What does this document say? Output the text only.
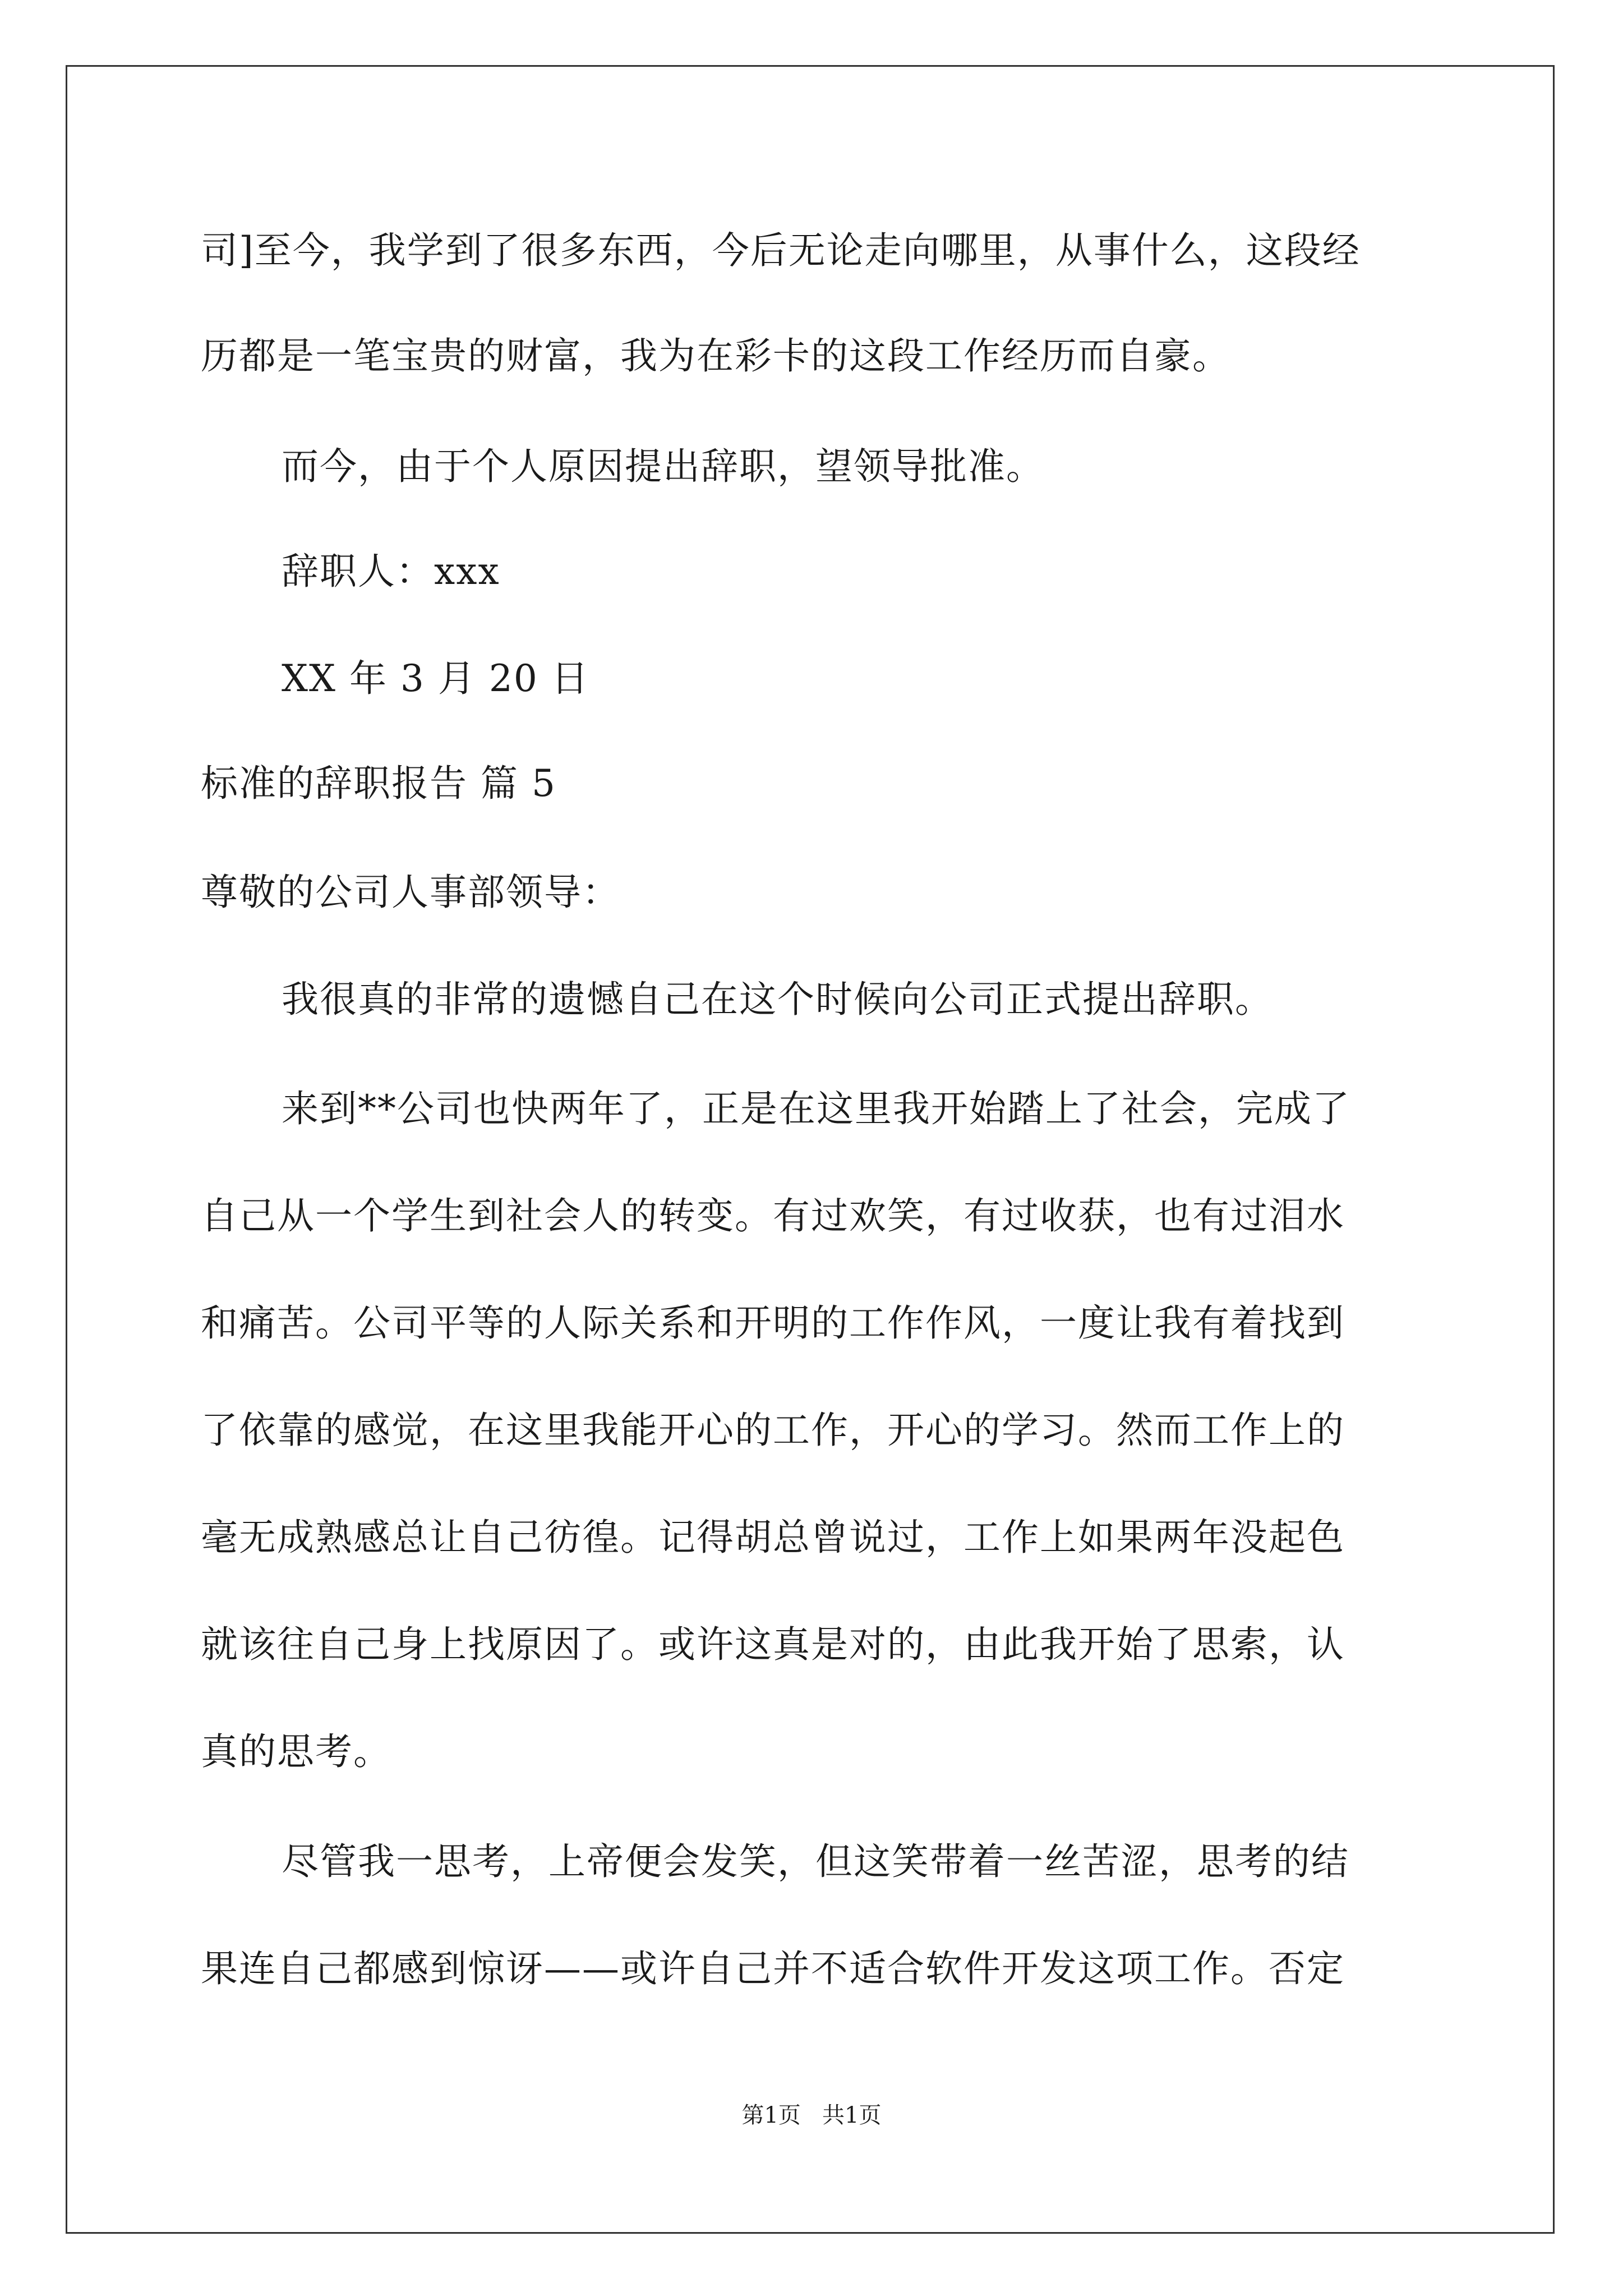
司]至今，我学到了很多东西，今后无论走向哪里，从事什么，这段经
历都是一笔宝贵的财富，我为在彩卡的这段工作经历而自豪。
而今，由于个人原因提出辞职，望领导批准。
辞职人：xxx
XX 年 3 月 20 日
标准的辞职报告 篇 5
尊敬的公司人事部领导：
我很真的非常的遗憾自己在这个时候向公司正式提出辞职。
来到**公司也快两年了，正是在这里我开始踏上了社会，完成了
自己从一个学生到社会人的转变。有过欢笑，有过收获，也有过泪水
和痛苦。公司平等的人际关系和开明的工作作风，一度让我有着找到
了依靠的感觉，在这里我能开心的工作，开心的学习。然而工作上的
毫无成熟感总让自己彷徨。记得胡总曾说过，工作上如果两年没起色
就该往自己身上找原因了。或许这真是对的，由此我开始了思索，认
真的思考。
尽管我一思考，上帝便会发笑，但这笑带着一丝苦涩，思考的结
果连自己都感到惊讶——或许自己并不适合软件开发这项工作。否定
第1页   共1页
